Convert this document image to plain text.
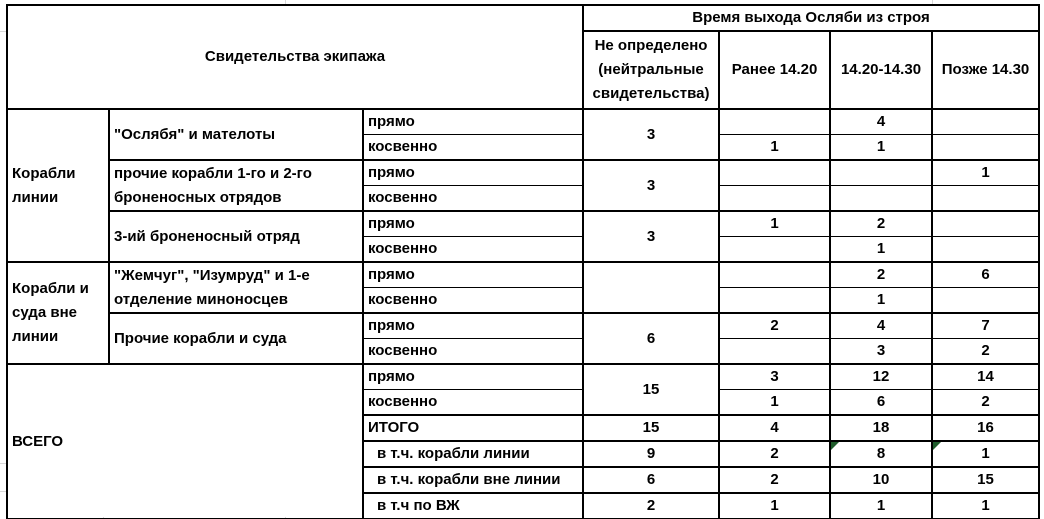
Свидетельства экипажа			Время выхода Осляби из строя			
			Не определено (нейтральные свидетельства)	Ранее 14.20	14.20-14.30	Позже 14.30
Корабли линии	"Ослябя" и мателоты	прямо	3		4	
		косвенно		1	1	
	прочие корабли 1-го и 2-го броненосных отрядов	прямо	3			1
		косвенно				
	3-ий броненосный отряд	прямо	3	1	2	
		косвенно			1	
Корабли и суда вне линии	"Жемчуг", "Изумруд" и 1-е отделение миноносцев	прямо			2	6
		косвенно			1	
	Прочие корабли и суда	прямо	6	2	4	7
		косвенно			3	2
ВСЕГО		прямо	15	3	12	14
		косвенно		1	6	2
		ИТОГО	15	4	18	16
		в т.ч. корабли линии	9	2	8	1
		в т.ч. корабли вне линии	6	2	10	15
		в т.ч по ВЖ	2	1	1	1
